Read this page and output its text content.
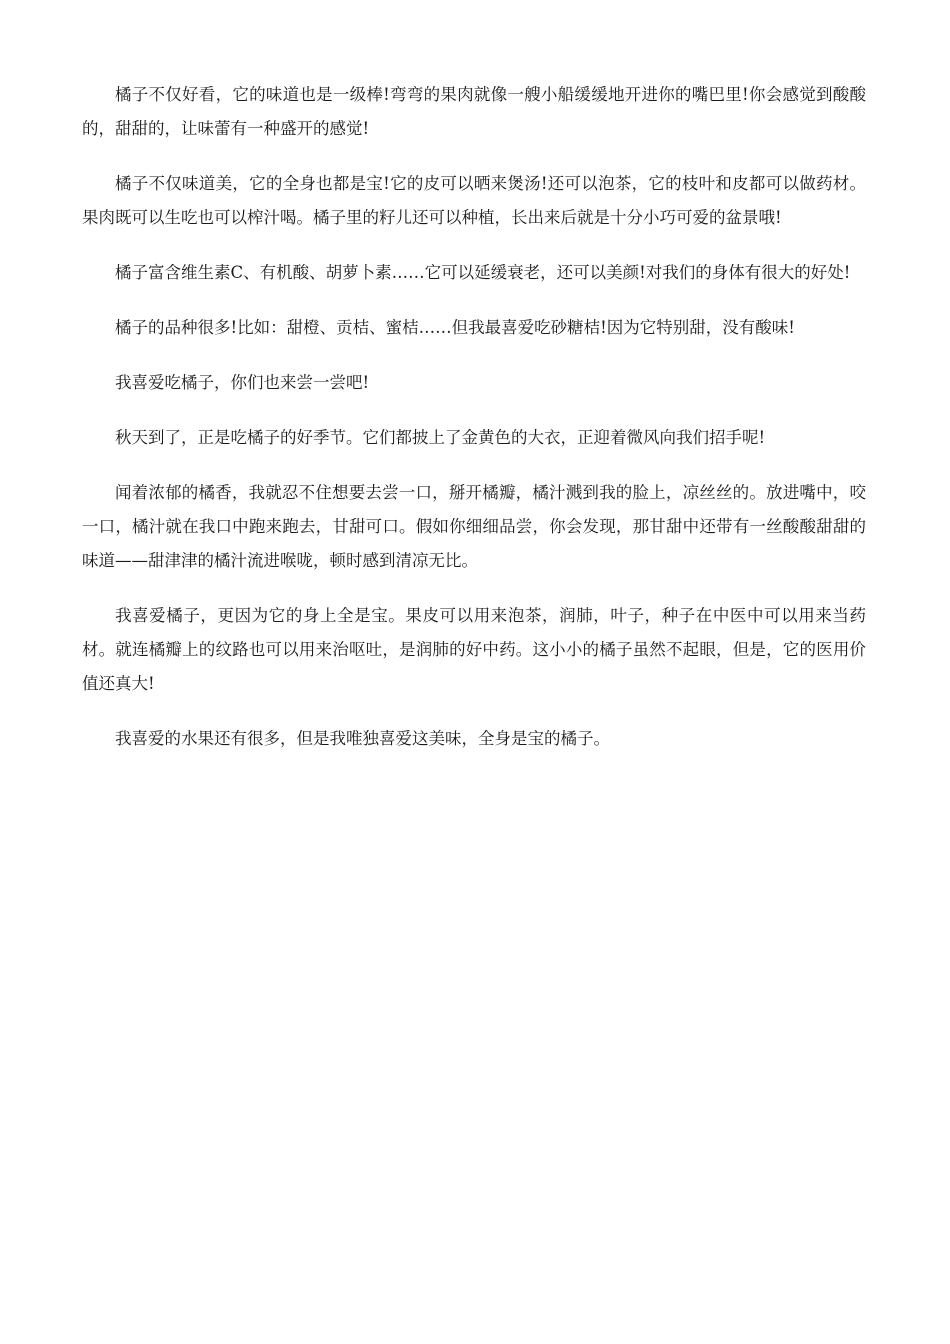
橘子不仅好看，它的味道也是一级棒!弯弯的果肉就像一艘小船缓缓地开进你的嘴巴里!你会感觉到酸酸的，甜甜的，让味蕾有一种盛开的感觉!

橘子不仅味道美，它的全身也都是宝!它的皮可以晒来煲汤!还可以泡茶，它的枝叶和皮都可以做药材。果肉既可以生吃也可以榨汁喝。橘子里的籽儿还可以种植，长出来后就是十分小巧可爱的盆景哦!

橘子富含维生素C、有机酸、胡萝卜素……它可以延缓衰老，还可以美颜!对我们的身体有很大的好处!

橘子的品种很多!比如：甜橙、贡桔、蜜桔……但我最喜爱吃砂糖桔!因为它特别甜，没有酸味!

我喜爱吃橘子，你们也来尝一尝吧!

秋天到了，正是吃橘子的好季节。它们都披上了金黄色的大衣，正迎着微风向我们招手呢!

闻着浓郁的橘香，我就忍不住想要去尝一口，掰开橘瓣，橘汁溅到我的脸上，凉丝丝的。放进嘴中，咬一口，橘汁就在我口中跑来跑去，甘甜可口。假如你细细品尝，你会发现，那甘甜中还带有一丝酸酸甜甜的味道——甜津津的橘汁流进喉咙，顿时感到清凉无比。

我喜爱橘子，更因为它的身上全是宝。果皮可以用来泡茶，润肺，叶子，种子在中医中可以用来当药材。就连橘瓣上的纹路也可以用来治呕吐，是润肺的好中药。这小小的橘子虽然不起眼，但是，它的医用价值还真大!

我喜爱的水果还有很多，但是我唯独喜爱这美味，全身是宝的橘子。
